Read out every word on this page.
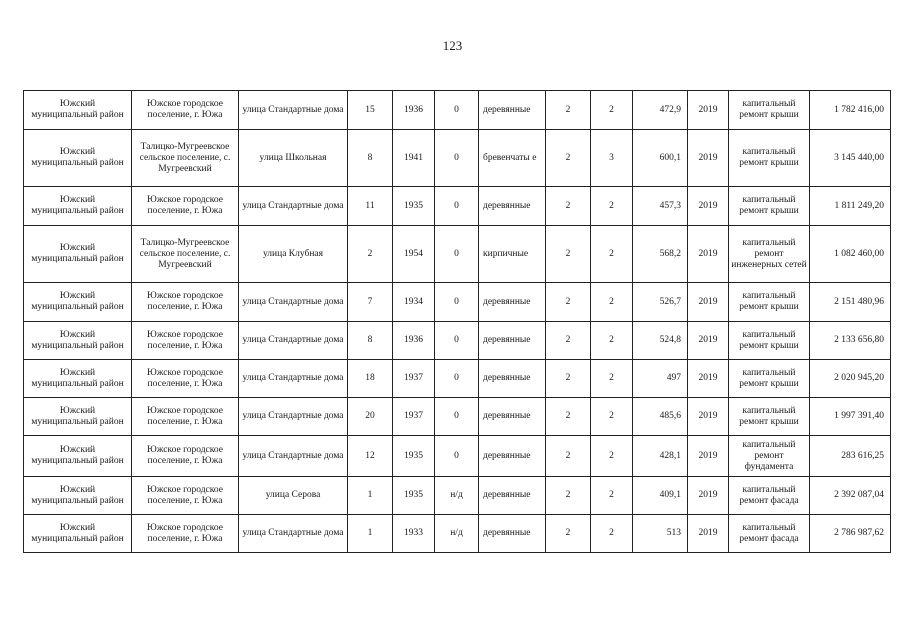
123
Южский муниципальный район	Южское городское поселение, г. Южа	улица Стандартные дома	15	1936	0	деревянные	2	2	472,9	2019	капитальный ремонт крыши	1 782 416,00
Южский муниципальный район	Талицко-Мугреевское сельское поселение, с. Мугреевский	улица Школьная	8	1941	0	бревенчаты е	2	3	600,1	2019	капитальный ремонт крыши	3 145 440,00
Южский муниципальный район	Южское городское поселение, г. Южа	улица Стандартные дома	11	1935	0	деревянные	2	2	457,3	2019	капитальный ремонт крыши	1 811 249,20
Южский муниципальный район	Талицко-Мугреевское сельское поселение, с. Мугреевский	улица Клубная	2	1954	0	кирпичные	2	2	568,2	2019	капитальный ремонт инженерных сетей	1 082 460,00
Южский муниципальный район	Южское городское поселение, г. Южа	улица Стандартные дома	7	1934	0	деревянные	2	2	526,7	2019	капитальный ремонт крыши	2 151 480,96
Южский муниципальный район	Южское городское поселение, г. Южа	улица Стандартные дома	8	1936	0	деревянные	2	2	524,8	2019	капитальный ремонт крыши	2 133 656,80
Южский муниципальный район	Южское городское поселение, г. Южа	улица Стандартные дома	18	1937	0	деревянные	2	2	497	2019	капитальный ремонт крыши	2 020 945,20
Южский муниципальный район	Южское городское поселение, г. Южа	улица Стандартные дома	20	1937	0	деревянные	2	2	485,6	2019	капитальный ремонт крыши	1 997 391,40
Южский муниципальный район	Южское городское поселение, г. Южа	улица Стандартные дома	12	1935	0	деревянные	2	2	428,1	2019	капитальный ремонт фундамента	283 616,25
Южский муниципальный район	Южское городское поселение, г. Южа	улица Серова	1	1935	н/д	деревянные	2	2	409,1	2019	капитальный ремонт фасада	2 392 087,04
Южский муниципальный район	Южское городское поселение, г. Южа	улица Стандартные дома	1	1933	н/д	деревянные	2	2	513	2019	капитальный ремонт фасада	2 786 987,62
